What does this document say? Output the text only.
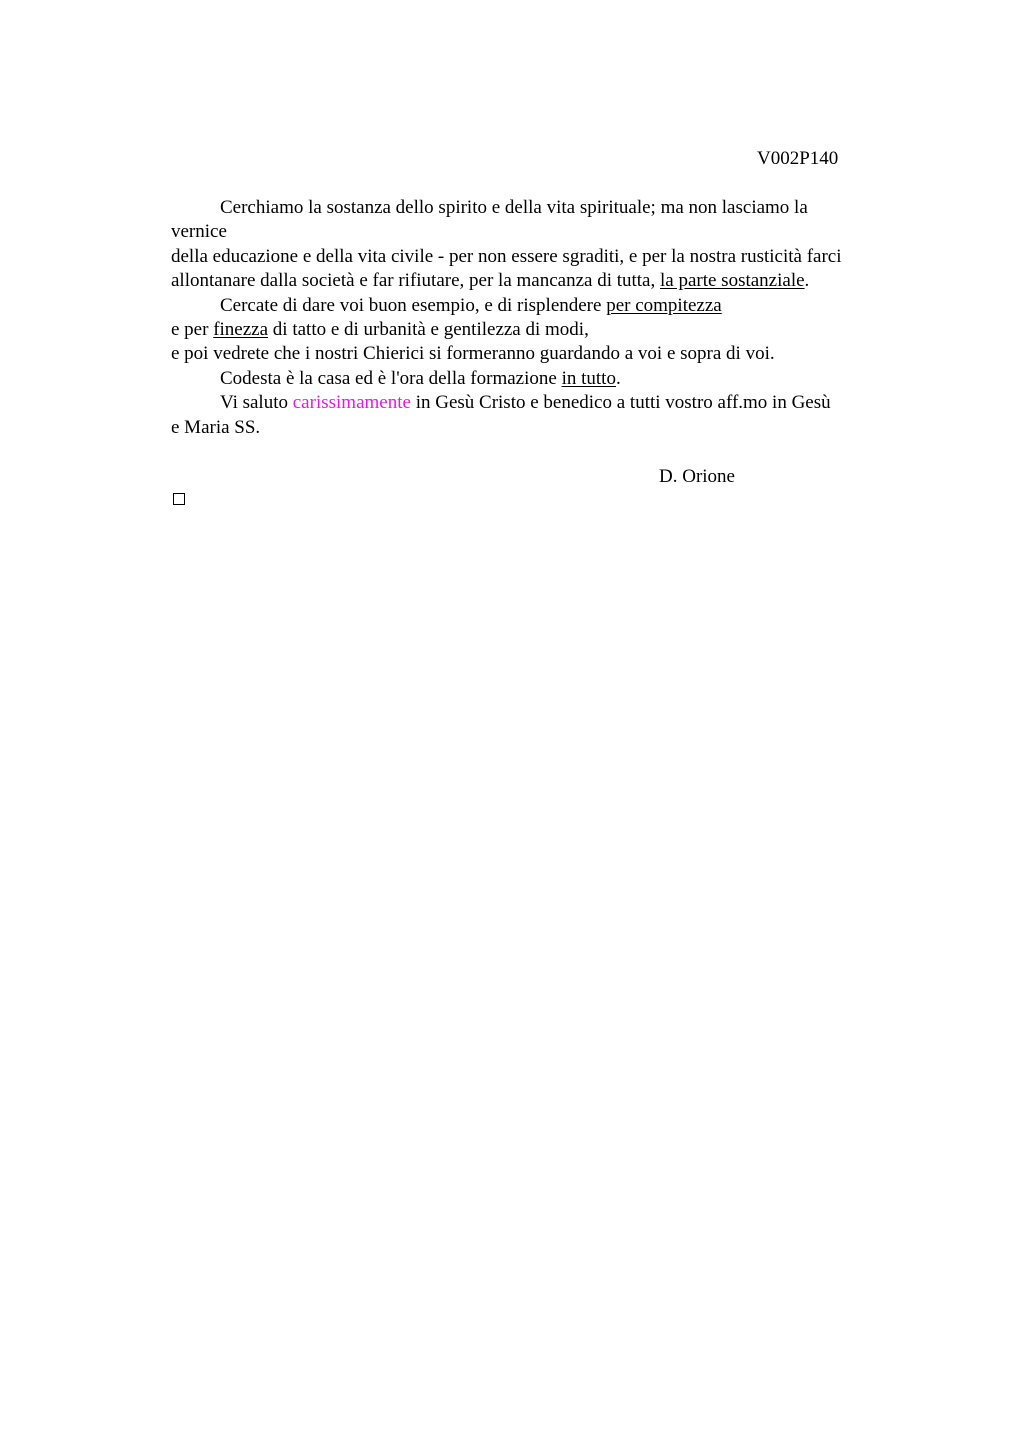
V002P140
Cerchiamo la sostanza dello spirito e della vita spirituale; ma non lasciamo la
vernice
della educazione e della vita civile - per non essere sgraditi, e per la nostra rusticità farci
allontanare dalla società e far rifiutare, per la mancanza di tutta, la parte sostanziale.
Cercate di dare voi buon esempio, e di risplendere per compitezza
e per finezza di tatto e di urbanità e gentilezza di modi,
e poi vedrete che i nostri Chierici si formeranno guardando a voi e sopra di voi.
Codesta è la casa ed è l'ora della formazione in tutto.
Vi saluto carissimamente in Gesù Cristo e benedico a tutti vostro aff.mo in Gesù
e Maria SS.
D. Orione
